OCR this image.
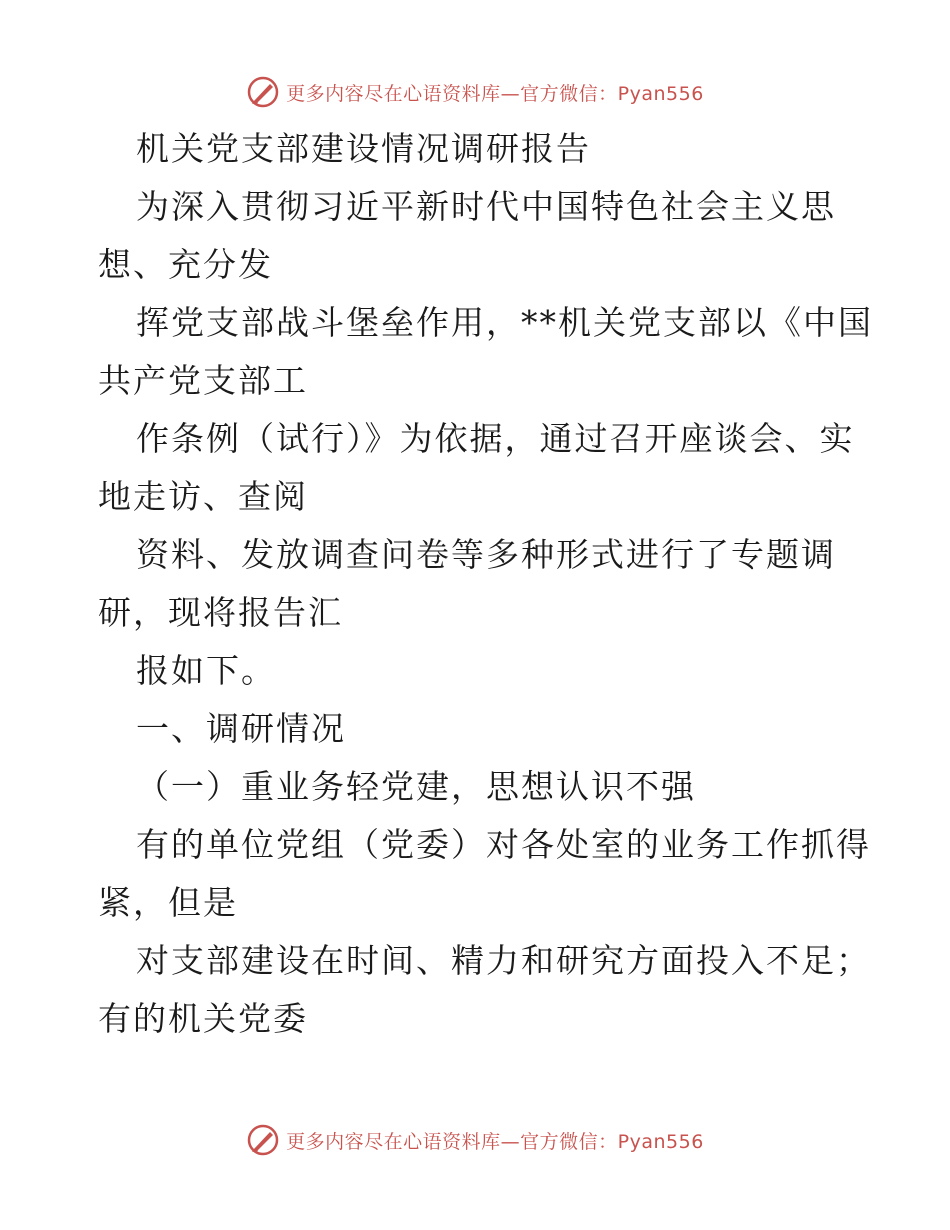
更多内容尽在心语资料库—官方微信：Pyan556
机关党支部建设情况调研报告
为深入贯彻习近平新时代中国特色社会主义思
想、充分发
挥党支部战斗堡垒作用，**机关党支部以《中国
共产党支部工
作条例（试行）》为依据，通过召开座谈会、实
地走访、查阅
资料、发放调查问卷等多种形式进行了专题调
研，现将报告汇
报如下。
一、调研情况
（一）重业务轻党建，思想认识不强
有的单位党组（党委）对各处室的业务工作抓得
紧，但是
对支部建设在时间、精力和研究方面投入不足；
有的机关党委
更多内容尽在心语资料库—官方微信：Pyan556
